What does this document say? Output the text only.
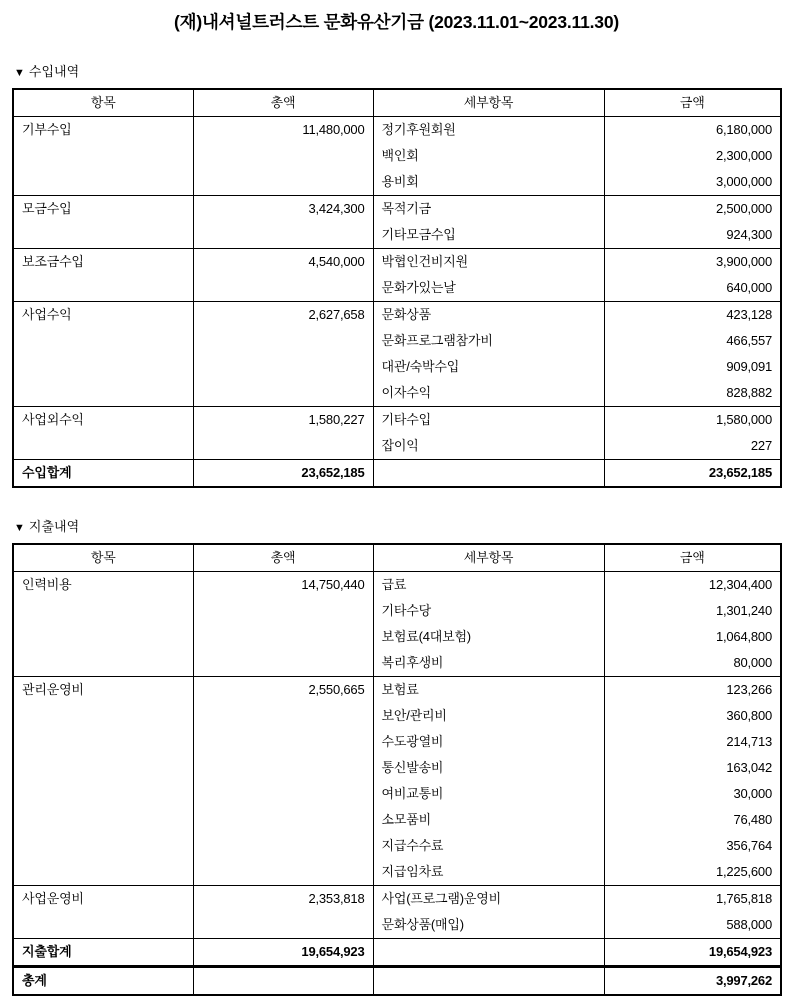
(재)내셔널트러스트 문화유산기금 (2023.11.01~2023.11.30)
▼ 수입내역
항목	총액	세부항목	금액
기부수입	11,480,000	정기후원회원	6,180,000
		백인회	2,300,000
		용비회	3,000,000
모금수입	3,424,300	목적기금	2,500,000
		기타모금수입	924,300
보조금수입	4,540,000	박협인건비지원	3,900,000
		문화가있는날	640,000
사업수익	2,627,658	문화상품	423,128
		문화프로그램참가비	466,557
		대관/숙박수입	909,091
		이자수익	828,882
사업외수익	1,580,227	기타수입	1,580,000
		잡이익	227
수입합계	23,652,185		23,652,185
▼ 지출내역
항목	총액	세부항목	금액
인력비용	14,750,440	급료	12,304,400
		기타수당	1,301,240
		보험료(4대보험)	1,064,800
		복리후생비	80,000
관리운영비	2,550,665	보험료	123,266
		보안/관리비	360,800
		수도광열비	214,713
		통신발송비	163,042
		여비교통비	30,000
		소모품비	76,480
		지급수수료	356,764
		지급임차료	1,225,600
사업운영비	2,353,818	사업(프로그램)운영비	1,765,818
		문화상품(매입)	588,000
지출합계	19,654,923		19,654,923
총계			3,997,262
